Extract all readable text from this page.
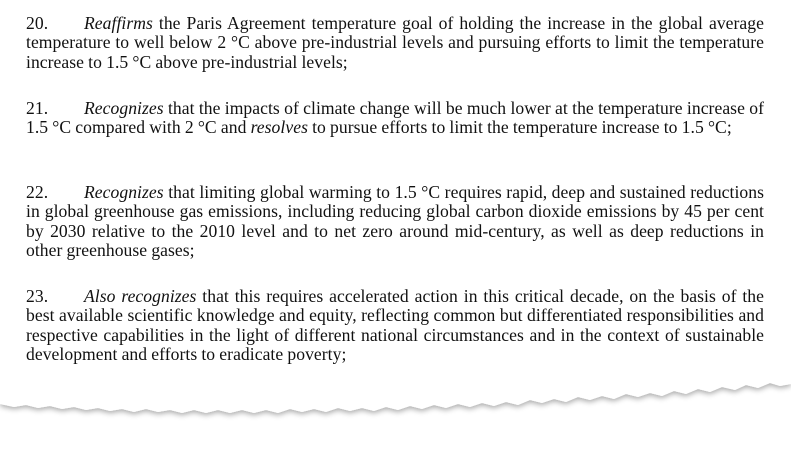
20. Reaffirms the Paris Agreement temperature goal of holding the increase in the global average temperature to well below 2 °C above pre-industrial levels and pursuing efforts to limit the temperature increase to 1.5 °C above pre-industrial levels;

21. Recognizes that the impacts of climate change will be much lower at the temperature increase of 1.5 °C compared with 2 °C and resolves to pursue efforts to limit the temperature increase to 1.5 °C;

22. Recognizes that limiting global warming to 1.5 °C requires rapid, deep and sustained reductions in global greenhouse gas emissions, including reducing global carbon dioxide emissions by 45 per cent by 2030 relative to the 2010 level and to net zero around mid-century, as well as deep reductions in other greenhouse gases;

23. Also recognizes that this requires accelerated action in this critical decade, on the basis of the best available scientific knowledge and equity, reflecting common but differentiated responsibilities and respective capabilities in the light of different national circumstances and in the context of sustainable development and efforts to eradicate poverty;
